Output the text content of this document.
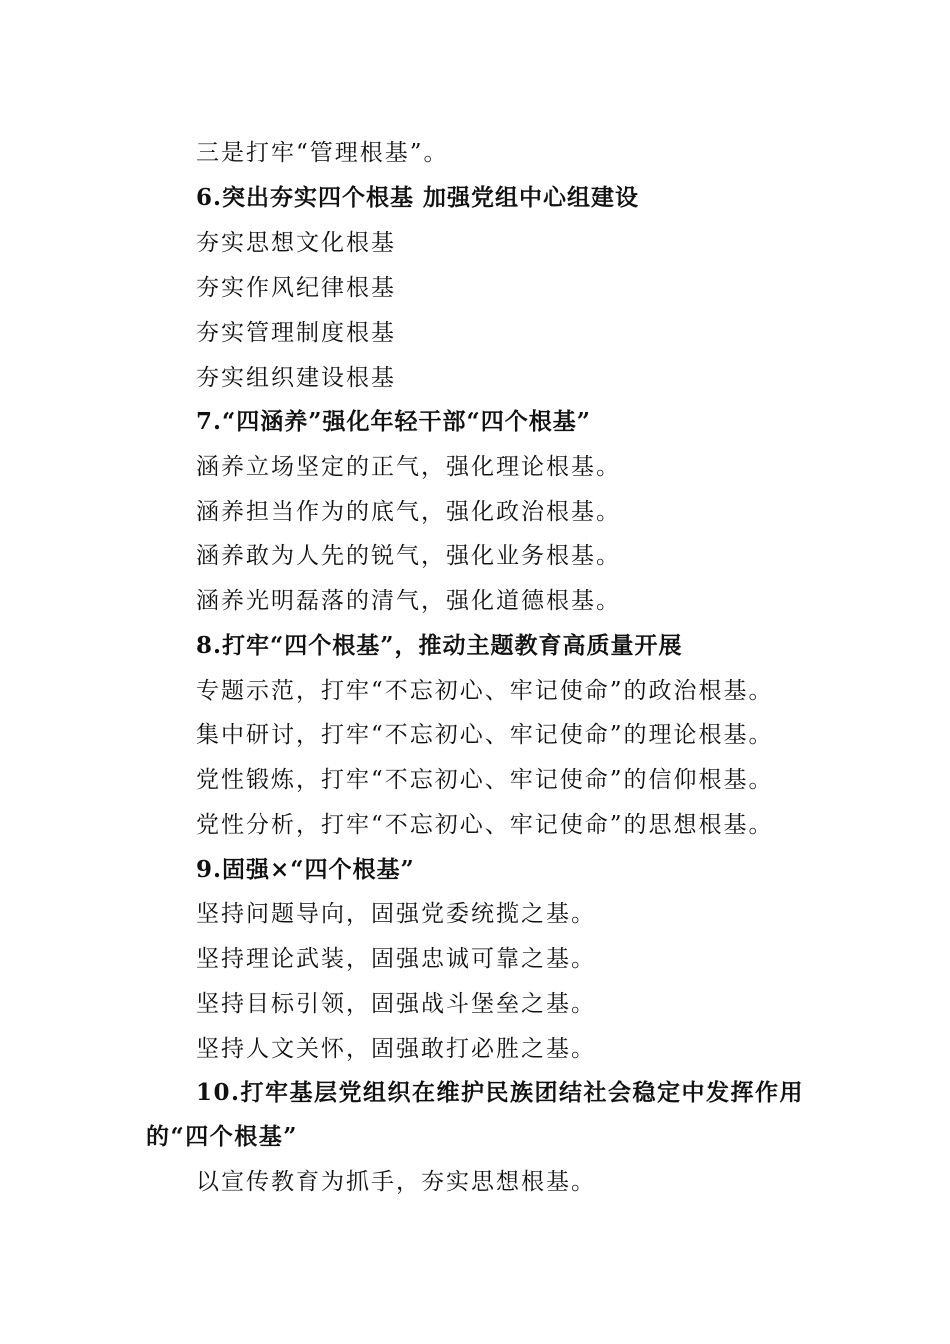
三是打牢“管理根基”。
6.突出夯实四个根基 加强党组中心组建设
夯实思想文化根基
夯实作风纪律根基
夯实管理制度根基
夯实组织建设根基
7.“四涵养”强化年轻干部“四个根基”
涵养立场坚定的正气，强化理论根基。
涵养担当作为的底气，强化政治根基。
涵养敢为人先的锐气，强化业务根基。
涵养光明磊落的清气，强化道德根基。
8.打牢“四个根基”，推动主题教育高质量开展
专题示范，打牢“不忘初心、牢记使命”的政治根基。
集中研讨，打牢“不忘初心、牢记使命”的理论根基。
党性锻炼，打牢“不忘初心、牢记使命”的信仰根基。
党性分析，打牢“不忘初心、牢记使命”的思想根基。
9.固强×“四个根基”
坚持问题导向，固强党委统揽之基。
坚持理论武装，固强忠诚可靠之基。
坚持目标引领，固强战斗堡垒之基。
坚持人文关怀，固强敢打必胜之基。
10.打牢基层党组织在维护民族团结社会稳定中发挥作用的“四个根基”
以宣传教育为抓手，夯实思想根基。
